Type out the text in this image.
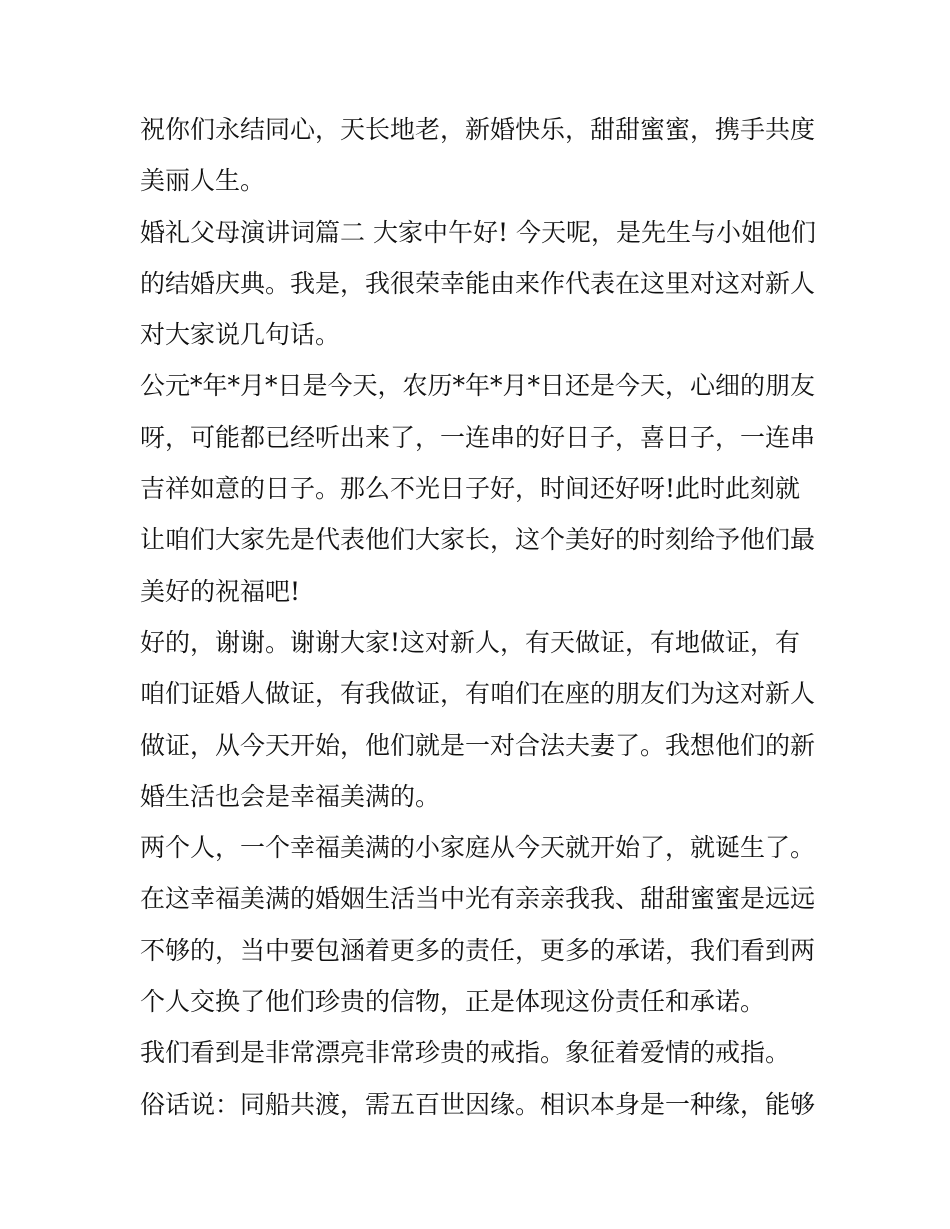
祝你们永结同心，天长地老，新婚快乐，甜甜蜜蜜，携手共度
美丽人生。
婚礼父母演讲词篇二 大家中午好! 今天呢，是先生与小姐他们
的结婚庆典。我是，我很荣幸能由来作代表在这里对这对新人
对大家说几句话。
公元*年*月*日是今天，农历*年*月*日还是今天，心细的朋友
呀，可能都已经听出来了，一连串的好日子，喜日子，一连串
吉祥如意的日子。那么不光日子好，时间还好呀!此时此刻就
让咱们大家先是代表他们大家长，这个美好的时刻给予他们最
美好的祝福吧!
好的，谢谢。谢谢大家!这对新人，有天做证，有地做证，有
咱们证婚人做证，有我做证，有咱们在座的朋友们为这对新人
做证，从今天开始，他们就是一对合法夫妻了。我想他们的新
婚生活也会是幸福美满的。
两个人，一个幸福美满的小家庭从今天就开始了，就诞生了。
在这幸福美满的婚姻生活当中光有亲亲我我、甜甜蜜蜜是远远
不够的，当中要包涵着更多的责任，更多的承诺，我们看到两
个人交换了他们珍贵的信物，正是体现这份责任和承诺。
我们看到是非常漂亮非常珍贵的戒指。象征着爱情的戒指。
俗话说：同船共渡，需五百世因缘。相识本身是一种缘，能够
